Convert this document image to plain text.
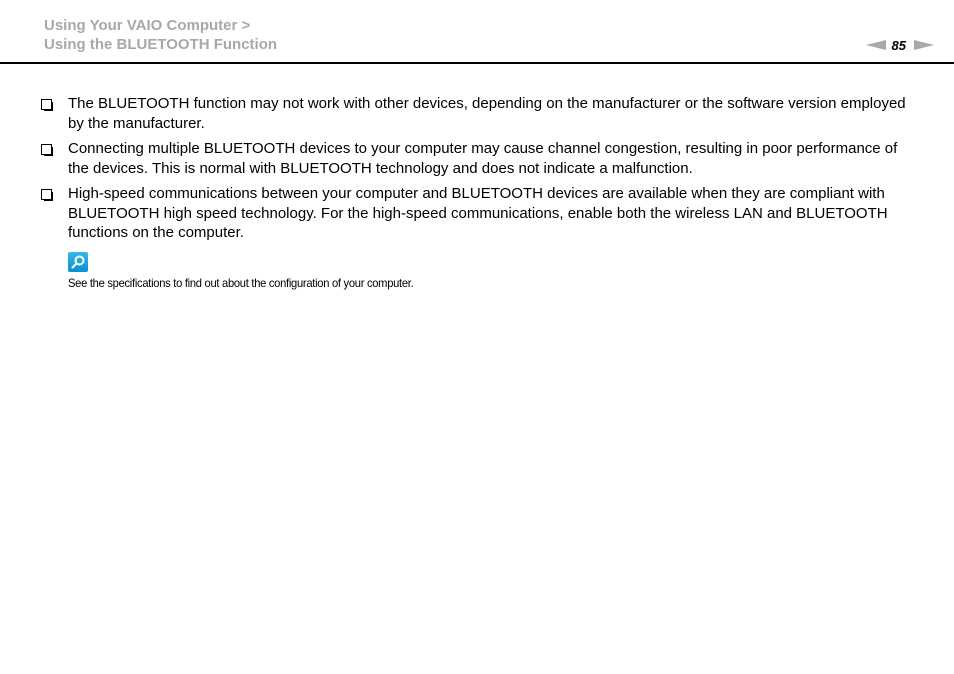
Using Your VAIO Computer >
Using the BLUETOOTH Function	85
The BLUETOOTH function may not work with other devices, depending on the manufacturer or the software version employed by the manufacturer.
Connecting multiple BLUETOOTH devices to your computer may cause channel congestion, resulting in poor performance of the devices. This is normal with BLUETOOTH technology and does not indicate a malfunction.
High-speed communications between your computer and BLUETOOTH devices are available when they are compliant with BLUETOOTH high speed technology. For the high-speed communications, enable both the wireless LAN and BLUETOOTH functions on the computer.
See the specifications to find out about the configuration of your computer.
